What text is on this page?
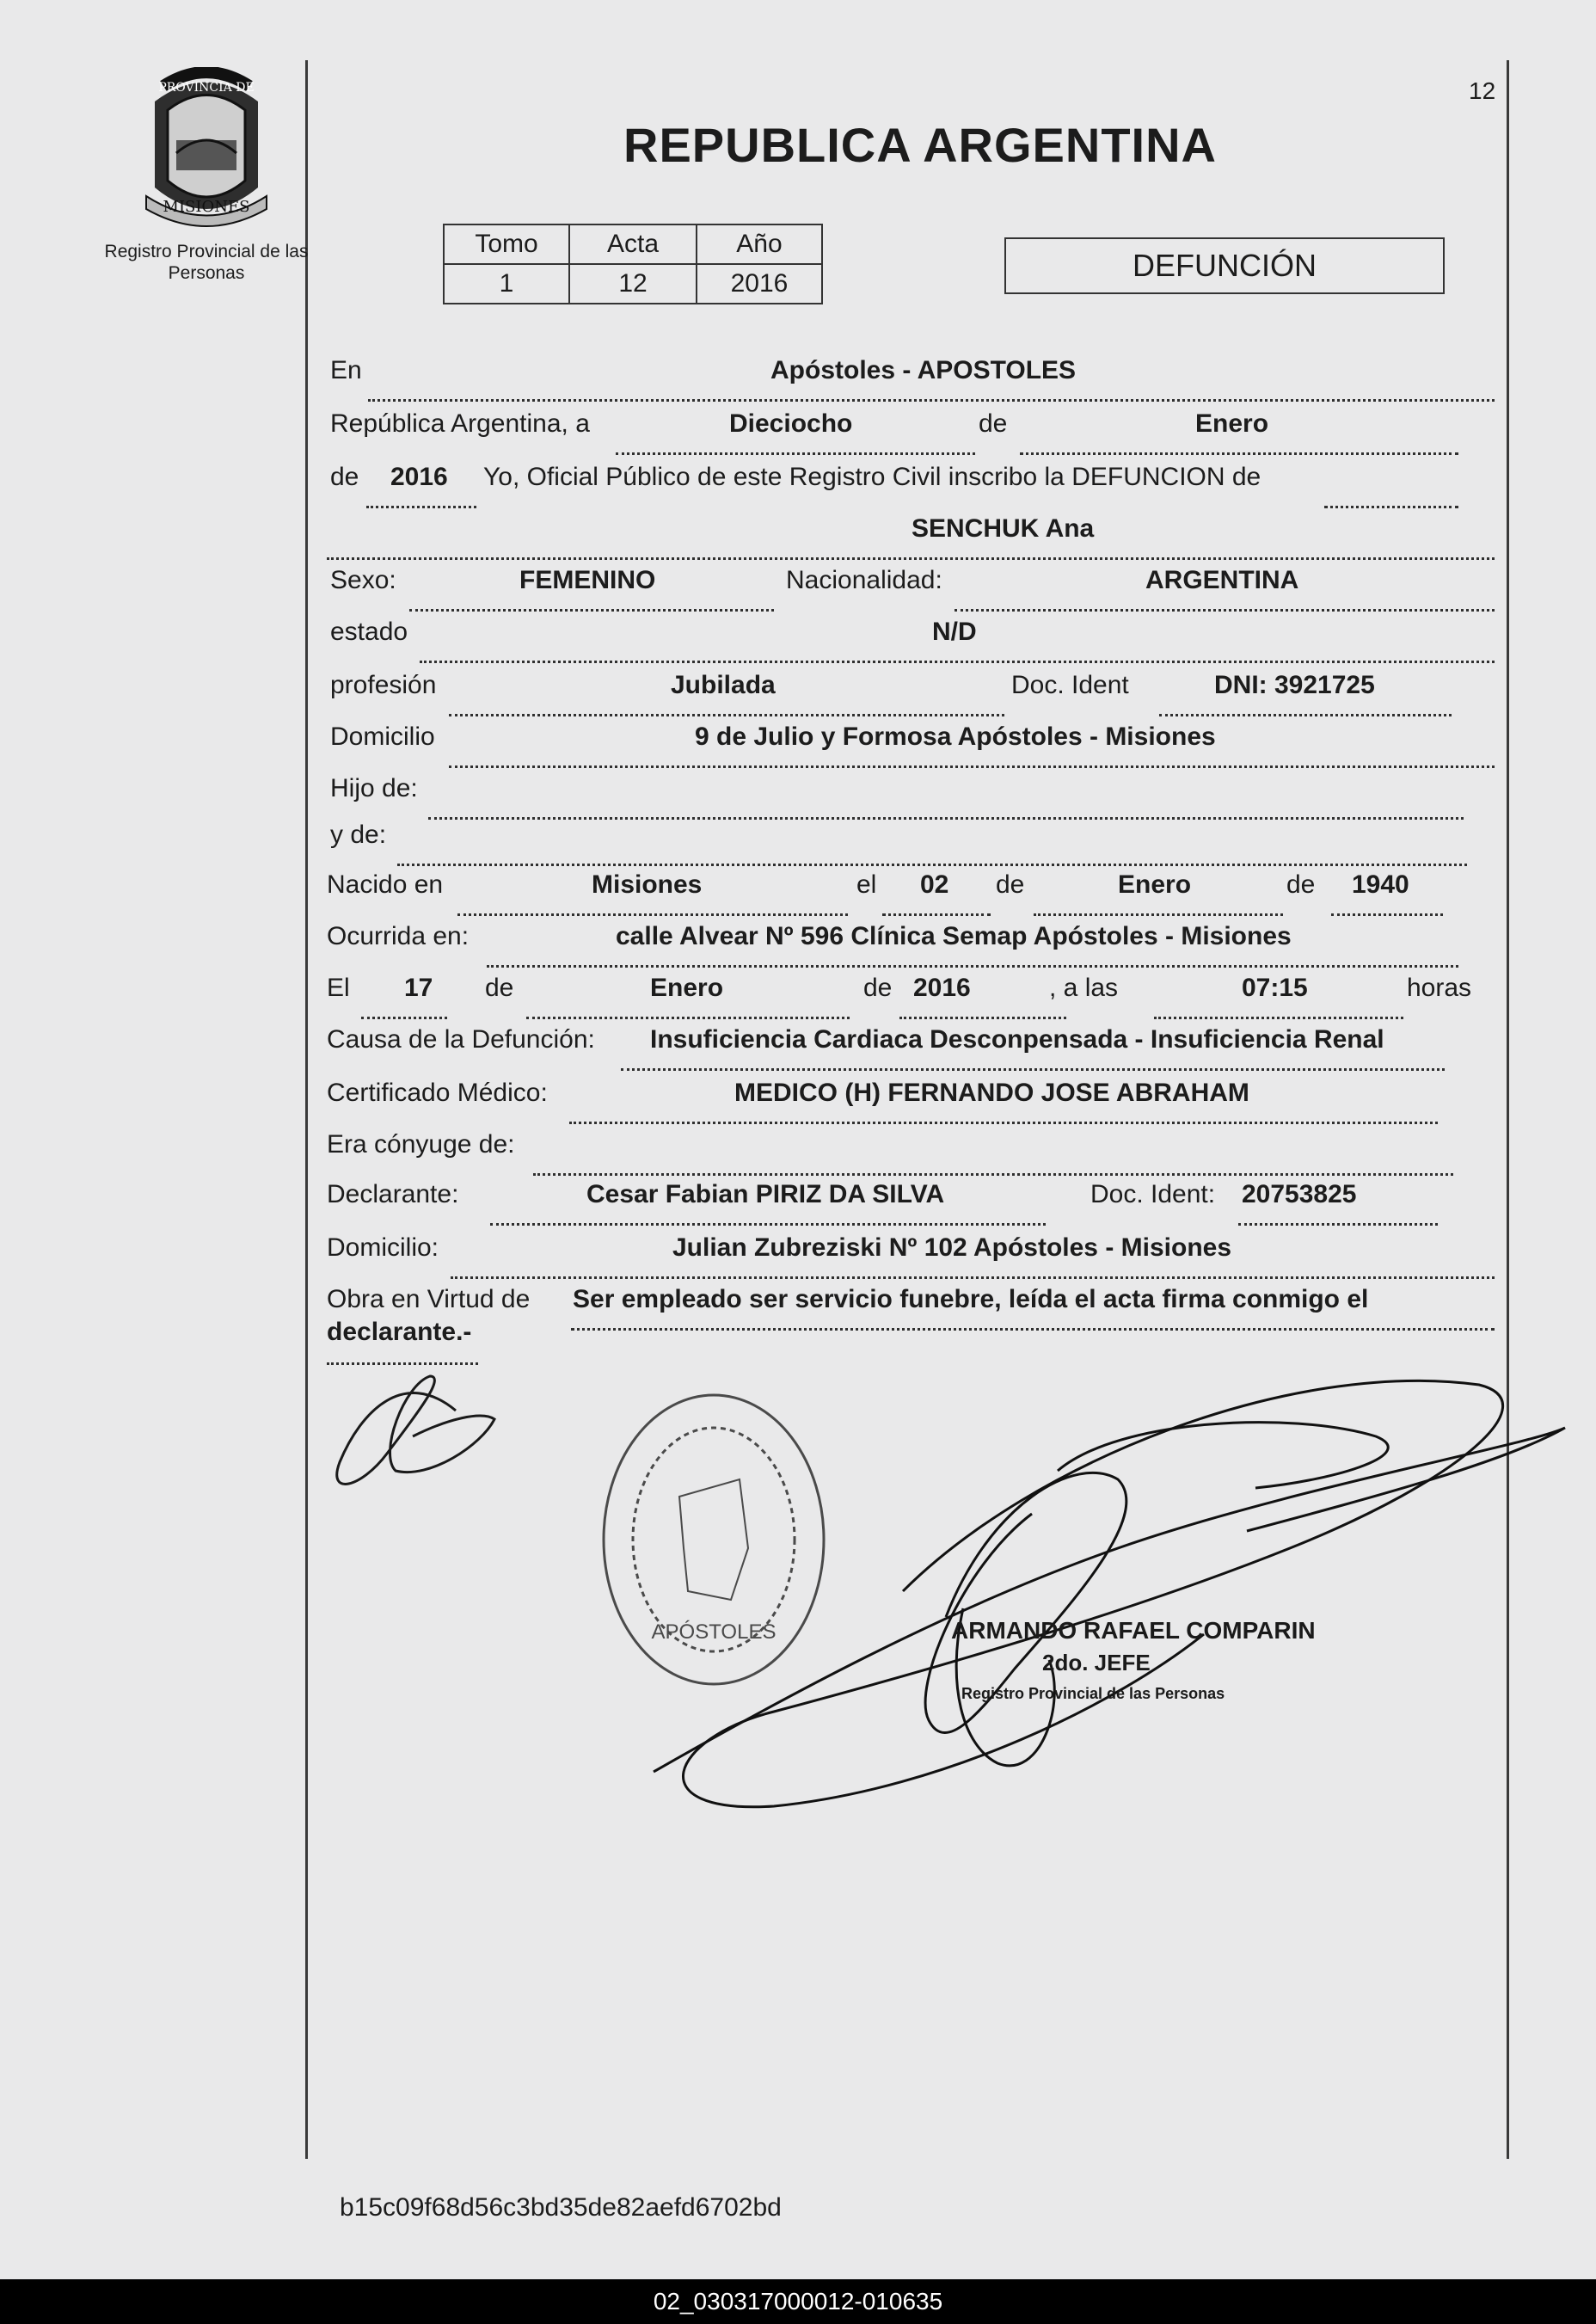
12
PROVINCIA DE
MISIONES
Registro Provincial de las Personas
REPUBLICA ARGENTINA
Tomo	Acta	Año
1	12	2016
DEFUNCIÓN
En	Apóstoles - APOSTOLES
República Argentina, a	Dieciocho	de	Enero
de 2016 Yo, Oficial Público de este Registro Civil inscribo la DEFUNCION de
SENCHUK Ana
Sexo:	FEMENINO	Nacionalidad:	ARGENTINA
estado	N/D
profesión	Jubilada	Doc. Ident	DNI: 3921725
Domicilio	9 de Julio y Formosa Apóstoles - Misiones
Hijo de:
y de:
Nacido en	Misiones	el 02 de	Enero	de 1940
Ocurrida en:	calle Alvear Nº 596 Clínica Semap Apóstoles - Misiones
El 17 de	Enero	de 2016	, a las	07:15	horas
Causa de la Defunción: Insuficiencia Cardiaca Desconpensada - Insuficiencia Renal
Certificado Médico:	MEDICO (H) FERNANDO JOSE ABRAHAM
Era cónyuge de:
Declarante:	Cesar Fabian PIRIZ DA SILVA	Doc. Ident: 20753825
Domicilio:	Julian Zubreziski Nº 102 Apóstoles - Misiones
Obra en Virtud de Ser empleado ser servicio funebre, leída el acta firma conmigo el
declarante.-
APÓSTOLES	ARMANDO RAFAEL COMPARIN
2do. JEFE
Registro Provincial de las Personas
b15c09f68d56c3bd35de82aefd6702bd
02_030317000012-010635
